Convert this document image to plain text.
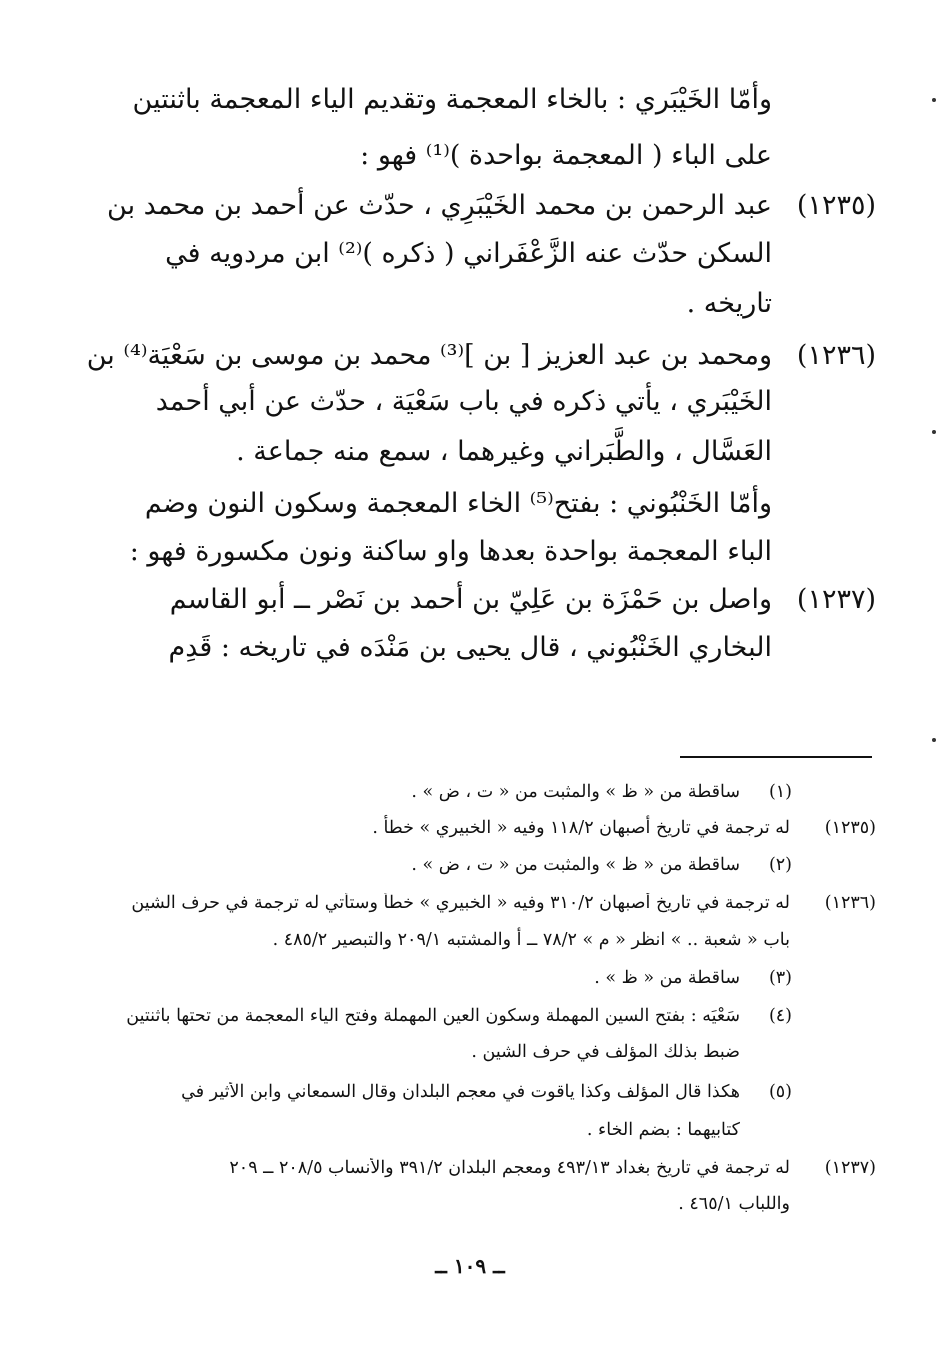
وأمّا الخَيْبَري : بالخاء المعجمة وتقديم الياء المعجمة باثنتين
على الباء ( المعجمة بواحدة )⁽¹⁾ فهو :
(١٢٣٥)
عبد الرحمن بن محمد الخَيْبَرِي ، حدّث عن أحمد بن محمد بن
السكن حدّث عنه الزَّعْفَراني ( ذكره )⁽²⁾ ابن مردويه في
تاريخه .
(١٢٣٦)
ومحمد بن عبد العزيز [ بن ]⁽³⁾ محمد بن موسى بن سَعْيَة⁽⁴⁾ بن
الخَيْبَري ، يأتي ذكره في باب سَعْيَة ، حدّث عن أبي أحمد
العَسَّال ، والطَّبَراني وغيرهما ، سمع منه جماعة .
وأمّا الخَنْبُوني : بفتح⁽⁵⁾ الخاء المعجمة وسكون النون وضم
الباء المعجمة بواحدة بعدها واو ساكنة ونون مكسورة فهو :
(١٢٣٧)
واصل بن حَمْزَة بن عَلِيّ بن أحمد بن نَصْر ــ أبو القاسم
البخاري الخَنْبُوني ، قال يحيى بن مَنْدَه في تاريخه : قَدِم
(١)
ساقطة من « ظ » والمثبت من « ت ، ض » .
(١٢٣٥)
له ترجمة في تاريخ أصبهان ١١٨/٢ وفيه « الخبيري » خطأ .
(٢)
ساقطة من « ظ » والمثبت من « ت ، ض » .
(١٢٣٦)
له ترجمة في تاريخ أصبهان ٣١٠/٢ وفيه « الخبيري » خطأ وستأتي له ترجمة في حرف الشين
باب « شعبة .. » انظر « م » ٧٨/٢ ــ أ والمشتبه ٢٠٩/١ والتبصير ٤٨٥/٢ .
(٣)
ساقطة من « ظ » .
(٤)
سَعْيَه : بفتح السين المهملة وسكون العين المهملة وفتح الياء المعجمة من تحتها باثنتين
ضبط بذلك المؤلف في حرف الشين .
(٥)
هكذا قال المؤلف وكذا ياقوت في معجم البلدان وقال السمعاني وابن الأثير في
كتابيهما : بضم الخاء .
(١٢٣٧)
له ترجمة في تاريخ بغداد ٤٩٣/١٣ ومعجم البلدان ٣٩١/٢ والأنساب ٢٠٨/٥ ــ ٢٠٩
واللباب ٤٦٥/١ .
ــ ١٠٩ ــ
